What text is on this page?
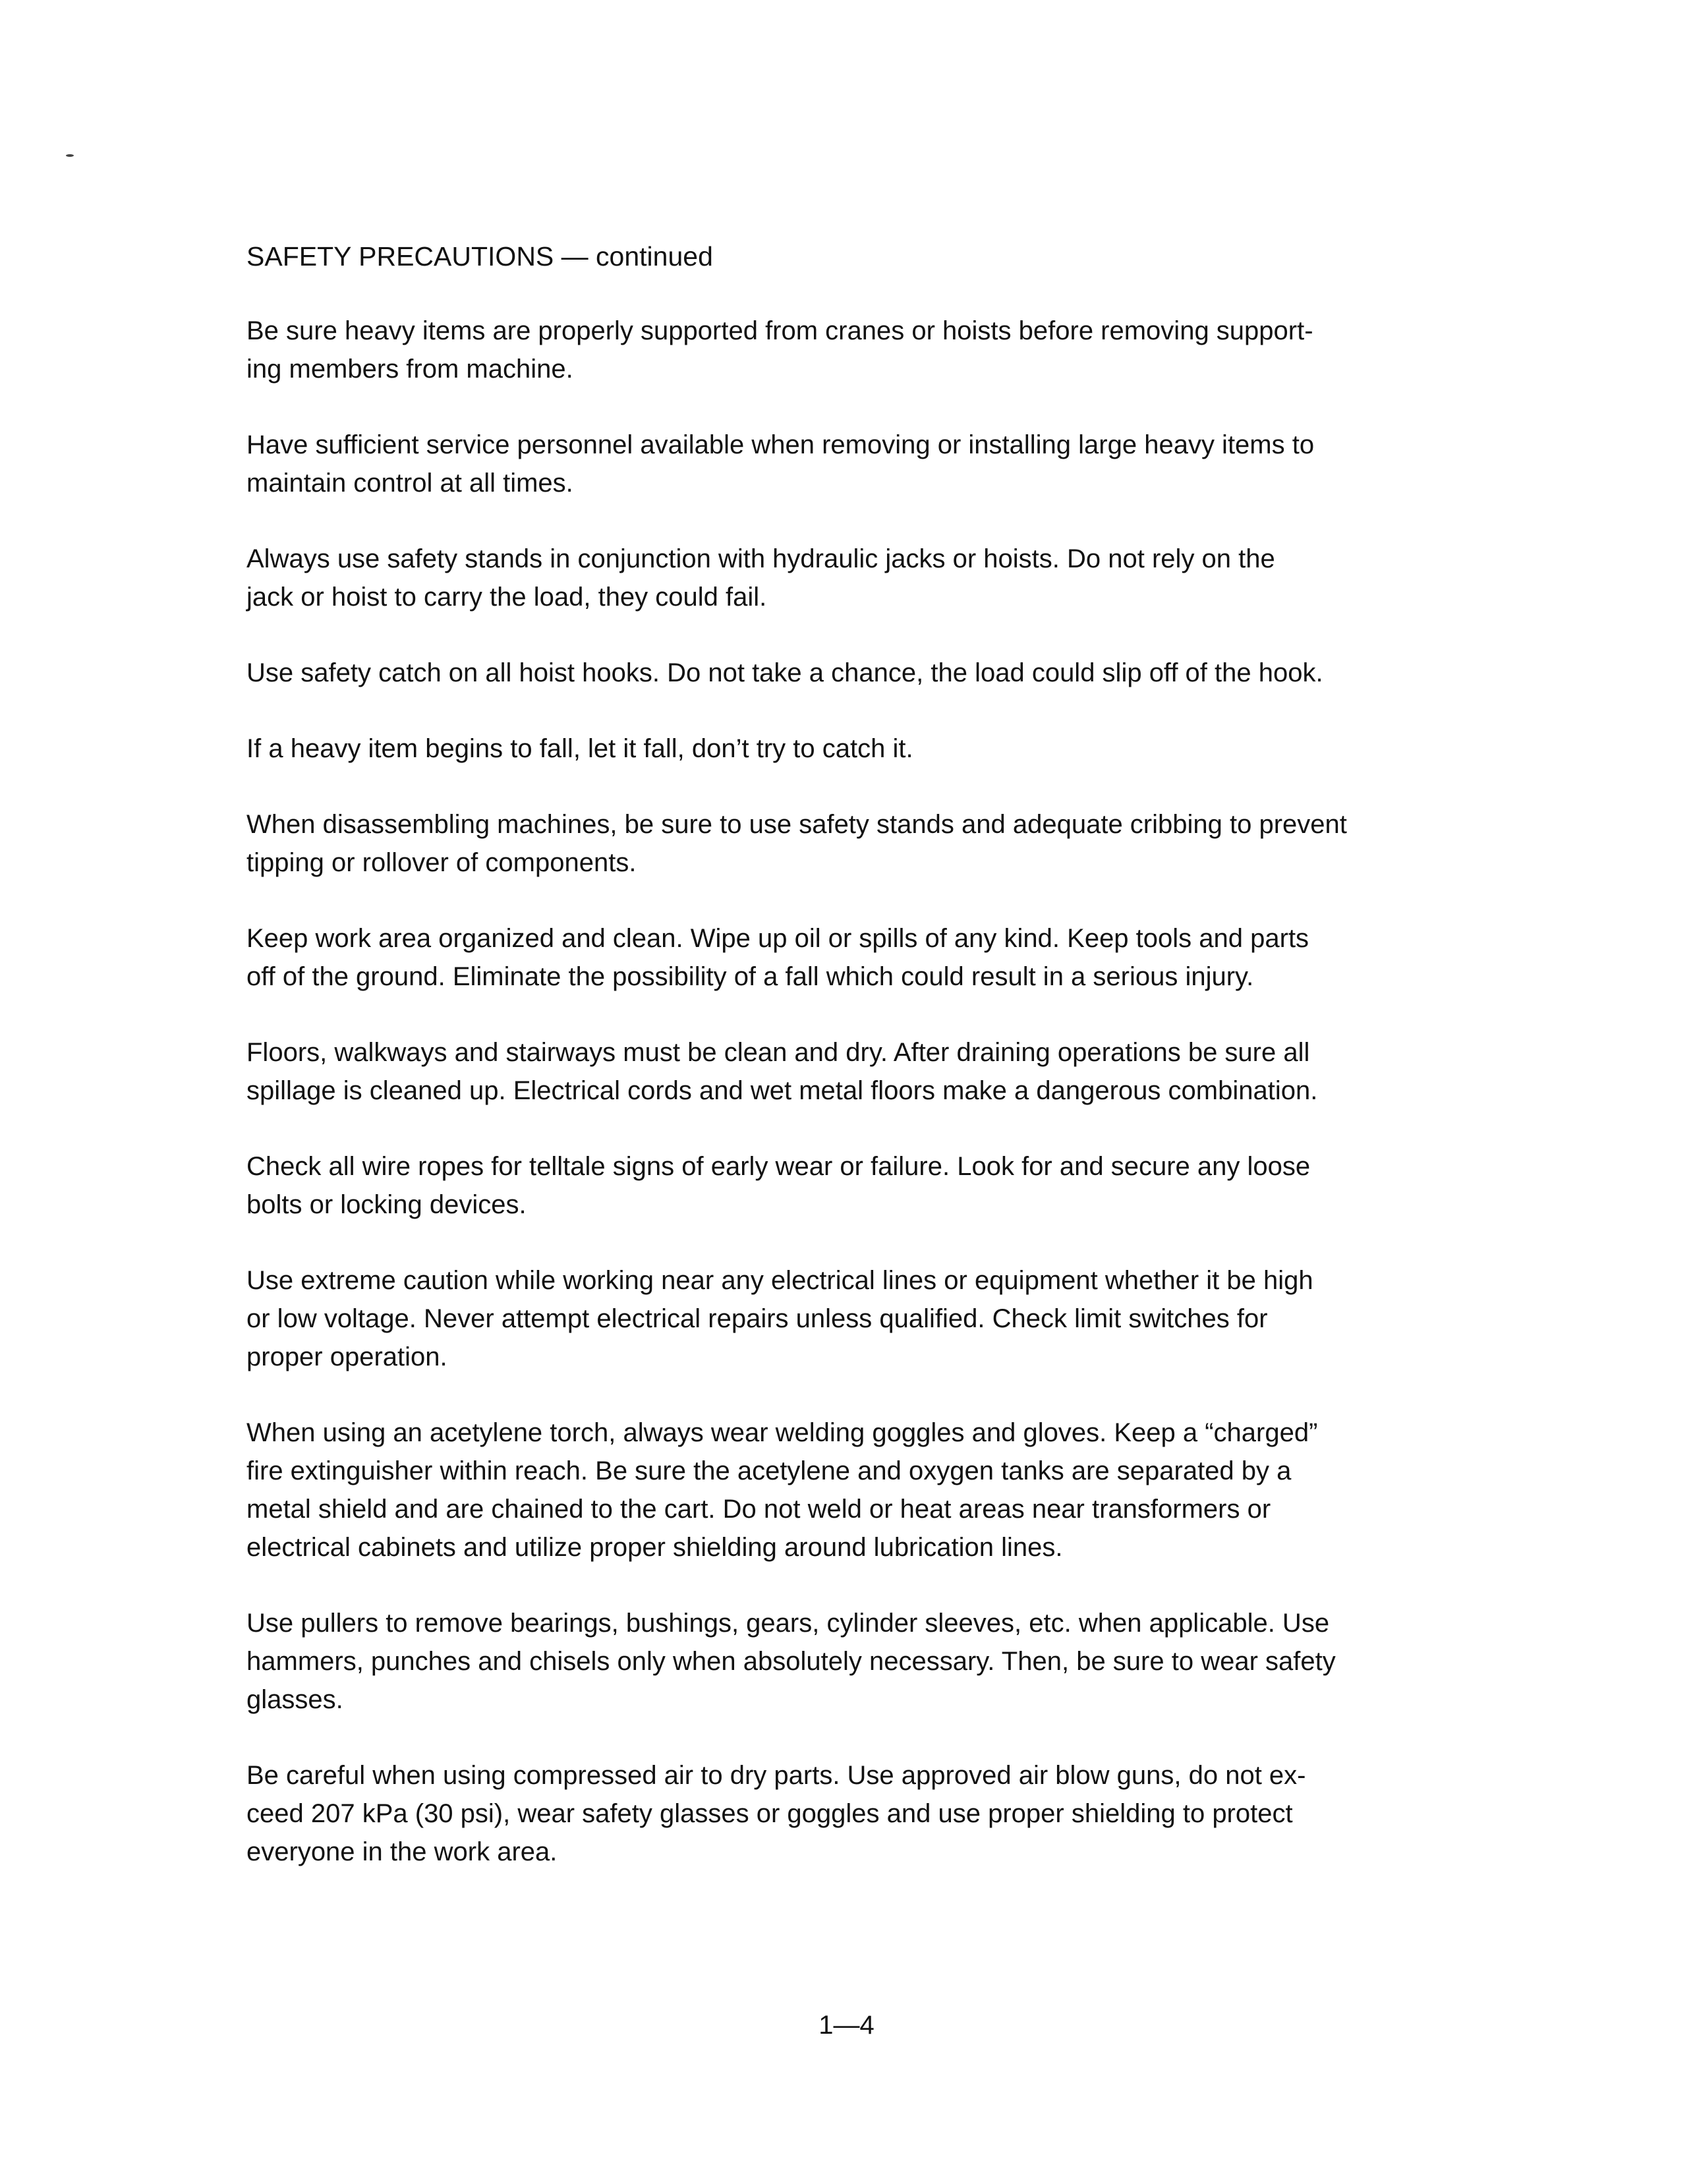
SAFETY PRECAUTIONS — continued

Be sure heavy items are properly supported from cranes or hoists before removing support-
ing members from machine.

Have sufficient service personnel available when removing or installing large heavy items to
maintain control at all times.

Always use safety stands in conjunction with hydraulic jacks or hoists. Do not rely on the
jack or hoist to carry the load, they could fail.

Use safety catch on all hoist hooks. Do not take a chance, the load could slip off of the hook.

If a heavy item begins to fall, let it fall, don’t try to catch it.

When disassembling machines, be sure to use safety stands and adequate cribbing to prevent
tipping or rollover of components.

Keep work area organized and clean. Wipe up oil or spills of any kind. Keep tools and parts
off of the ground. Eliminate the possibility of a fall which could result in a serious injury.

Floors, walkways and stairways must be clean and dry. After draining operations be sure all
spillage is cleaned up. Electrical cords and wet metal floors make a dangerous combination.

Check all wire ropes for telltale signs of early wear or failure. Look for and secure any loose
bolts or locking devices.

Use extreme caution while working near any electrical lines or equipment whether it be high
or low voltage. Never attempt electrical repairs unless qualified. Check limit switches for
proper operation.

When using an acetylene torch, always wear welding goggles and gloves. Keep a “charged”
fire extinguisher within reach. Be sure the acetylene and oxygen tanks are separated by a
metal shield and are chained to the cart. Do not weld or heat areas near transformers or
electrical cabinets and utilize proper shielding around lubrication lines.

Use pullers to remove bearings, bushings, gears, cylinder sleeves, etc. when applicable. Use
hammers, punches and chisels only when absolutely necessary. Then, be sure to wear safety
glasses.

Be careful when using compressed air to dry parts. Use approved air blow guns, do not ex-
ceed 207 kPa (30 psi), wear safety glasses or goggles and use proper shielding to protect
everyone in the work area.

1—4
